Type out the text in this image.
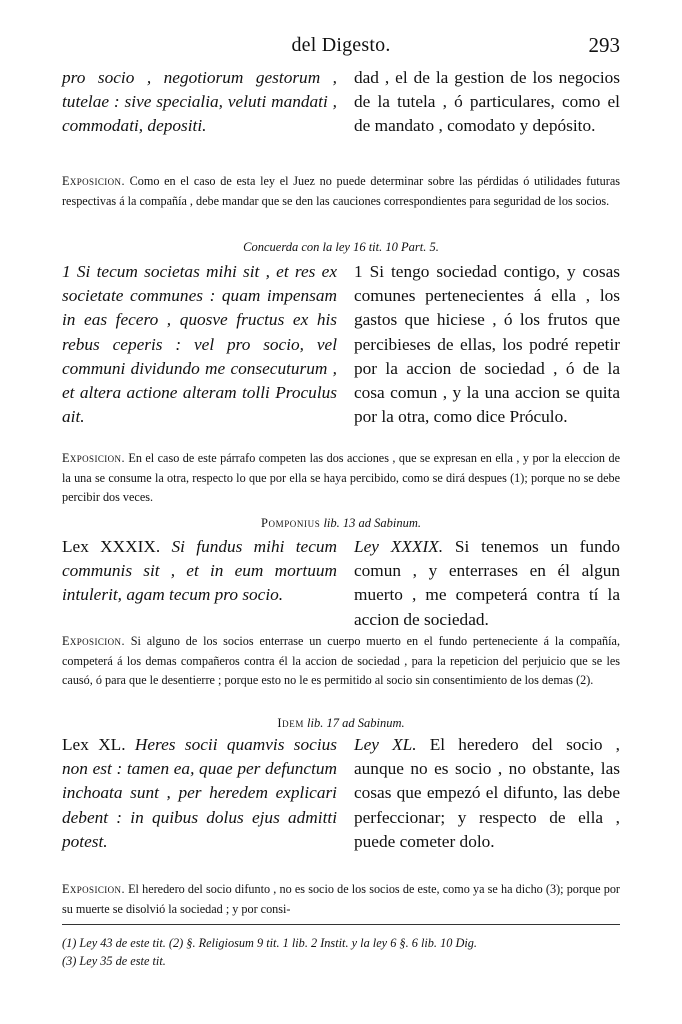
del Digesto.	293
pro socio , negotiorum gestorum , tutelae : sive specialia, veluti mandati , commodati, depositi.
dad , el de la gestion de los negocios de la tutela , ó particulares, como el de mandato , comodato y depósito.
Exposicion. Como en el caso de esta ley el Juez no puede determinar sobre las pérdidas ó utilidades futuras respectivas á la compañía , debe mandar que se den las cauciones correspondientes para seguridad de los socios.
Concuerda con la ley 16 tit. 10 Part. 5.
1 Si tecum societas mihi sit , et res ex societate communes : quam impensam in eas fecero , quosve fructus ex his rebus ceperis : vel pro socio, vel communi dividundo me consecuturum , et altera actione alteram tolli Proculus ait.
1 Si tengo sociedad contigo, y cosas comunes pertenecientes á ella , los gastos que hiciese , ó los frutos que percibieses de ellas, los podré repetir por la accion de sociedad , ó de la cosa comun , y la una accion se quita por la otra, como dice Próculo.
Exposicion. En el caso de este párrafo competen las dos acciones , que se expresan en ella , y por la eleccion de la una se consume la otra, respecto lo que por ella se haya percibido, como se dirá despues (1); porque no se debe percibir dos veces.
Pomponius lib. 13 ad Sabinum.
Lex XXXIX. Si fundus mihi tecum communis sit , et in eum mortuum intulerit, agam tecum pro socio.
Ley XXXIX. Si tenemos un fundo comun , y enterrases en él algun muerto , me competerá contra tí la accion de sociedad.
Exposicion. Si alguno de los socios enterrase un cuerpo muerto en el fundo perteneciente á la compañía, competerá á los demas compañeros contra él la accion de sociedad , para la repeticion del perjuicio que se les causó, ó para que le desentierre ; porque esto no le es permitido al socio sin consentimiento de los demas (2).
Idem lib. 17 ad Sabinum.
Lex XL. Heres socii quamvis socius non est : tamen ea, quae per defunctum inchoata sunt , per heredem explicari debent : in quibus dolus ejus admitti potest.
Ley XL. El heredero del socio , aunque no es socio , no obstante, las cosas que empezó el difunto, las debe perfeccionar; y respecto de ella , puede cometer dolo.
Exposicion. El heredero del socio difunto , no es socio de los socios de este, como ya se ha dicho (3); porque por su muerte se disolvió la sociedad ; y por consi-
(1) Ley 43 de este tit. (2) §. Religiosum 9 tit. 1 lib. 2 Instit. y la ley 6 §. 6 lib. 10 Dig.
(3) Ley 35 de este tit.
